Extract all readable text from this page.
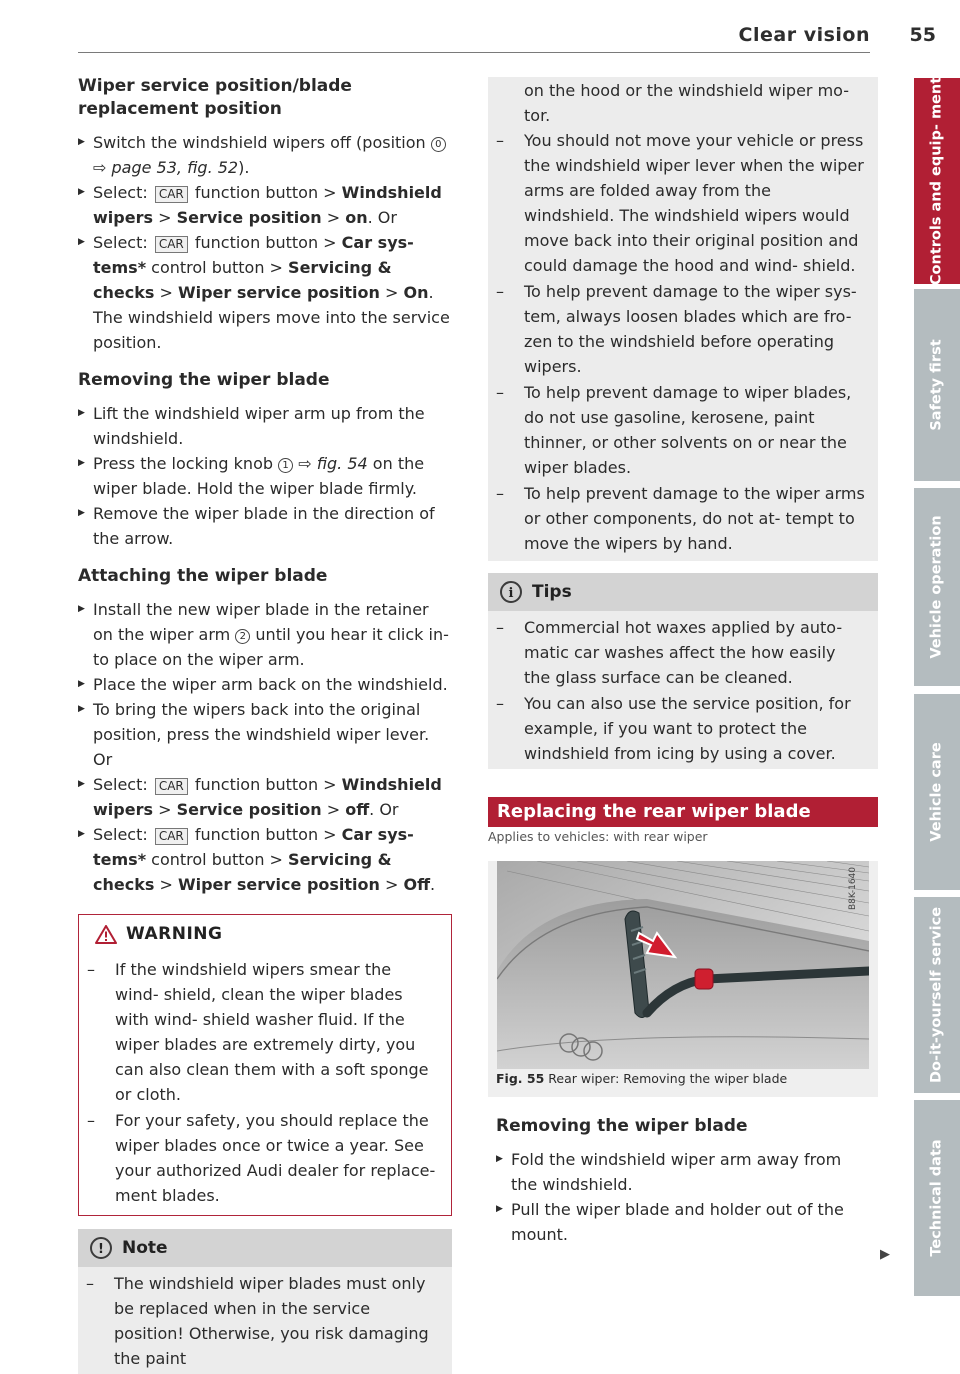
Clear vision 55
Wiper service position/blade replacement position

▶ Switch the windshield wipers off (position 0 ⇨ page 53, fig. 52).

▶ Select: CAR function button > Windshield wipers > Service position > on. Or

▶ Select: CAR function button > Car sys- tems* control button > Servicing & checks > Wiper service position > On. The windshield wipers move into the service position.

Removing the wiper blade

▶ Lift the windshield wiper arm up from the windshield.

▶ Press the locking knob 1 ⇨ fig. 54 on the wiper blade. Hold the wiper blade firmly.

▶ Remove the wiper blade in the direction of the arrow.

Attaching the wiper blade

▶ Install the new wiper blade in the retainer on the wiper arm 2 until you hear it click in- to place on the wiper arm.

▶ Place the wiper arm back on the windshield.

▶ To bring the wipers back into the original position, press the windshield wiper lever.

Or

▶ Select: CAR function button > Windshield wipers > Service position > off. Or

▶ Select: CAR function button > Car sys- tems* control button > Servicing & checks > Wiper service position > Off.

WARNING

– If the windshield wipers smear the wind- shield, clean the wiper blades with wind- shield washer fluid. If the wiper blades are extremely dirty, you can also clean them with a soft sponge or cloth.

– For your safety, you should replace the wiper blades once or twice a year. See your authorized Audi dealer for replace- ment blades.

!	Note

– The windshield wiper blades must only be replaced when in the service position! Otherwise, you risk damaging the paint

on the hood or the windshield wiper mo- tor.

– You should not move your vehicle or press the windshield wiper lever when the wiper arms are folded away from the windshield. The windshield wipers would move back into their original position and could damage the hood and wind- shield.

– To help prevent damage to the wiper sys- tem, always loosen blades which are fro- zen to the windshield before operating wipers.

– To help prevent damage to wiper blades, do not use gasoline, kerosene, paint thinner, or other solvents on or near the wiper blades.

– To help prevent damage to the wiper arms or other components, do not at- tempt to move the wipers by hand.

i	Tips

– Commercial hot waxes applied by auto- matic car washes affect the how easily the glass surface can be cleaned.

– You can also use the service position, for example, if you want to protect the windshield from icing by using a cover.

Replacing the rear wiper blade

Applies to vehicles: with rear wiper

B8K-1640

Fig. 55 Rear wiper: Removing the wiper blade

Removing the wiper blade

▶ Fold the windshield wiper arm away from the windshield.

▶ Pull the wiper blade and holder out of the mount.

▶
Controls and equip- ment
Safety first
Vehicle operation
Vehicle care
Do-it-yourself service
Technical data
